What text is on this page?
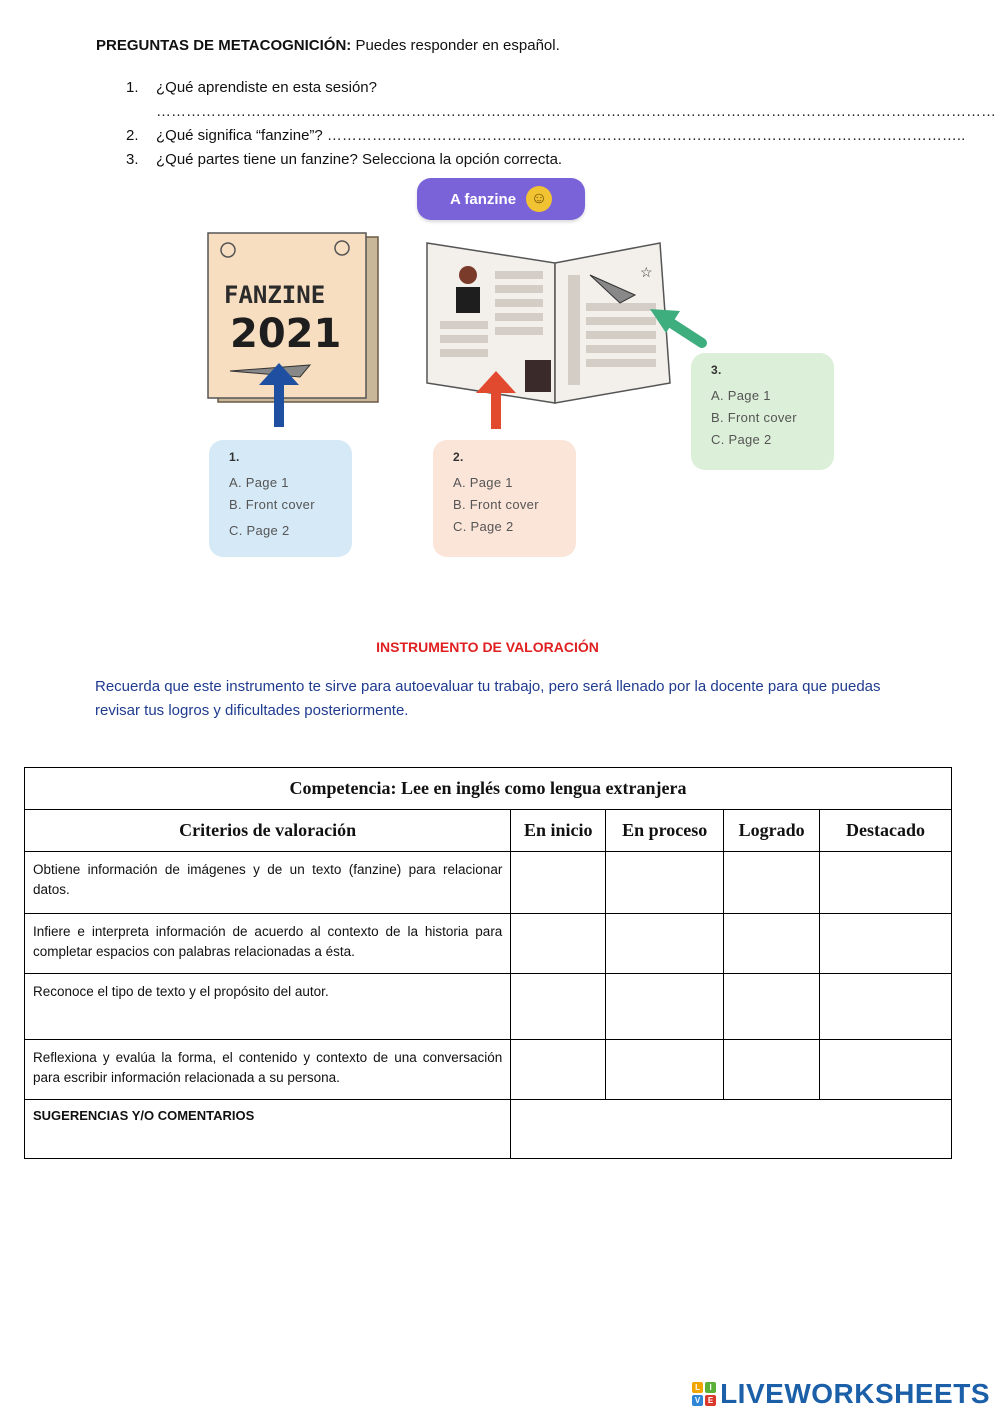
PREGUNTAS DE METACOGNICIÓN: Puedes responder en español.
1. ¿Qué aprendiste en esta sesión?
……………………………………………………………………………………………………………………………………………………
2. ¿Qué significa “fanzine”? ………………………………………………………………………………………………………………..
3. ¿Qué partes tiene un fanzine? Selecciona la opción correcta.
A fanzine ☺
FANZINE
2021
☆
1.
A. Page 1
B. Front cover
C. Page 2
2.
A. Page 1
B. Front cover
C. Page 2
3.
A. Page 1
B. Front cover
C. Page 2
INSTRUMENTO DE VALORACIÓN
Recuerda que este instrumento te sirve para autoevaluar tu trabajo, pero será llenado por la docente para que puedas revisar tus logros y dificultades posteriormente.
Competencia: Lee en inglés como lengua extranjera				
Criterios de valoración	En inicio	En proceso	Logrado	Destacado
Obtiene información de imágenes y de un texto (fanzine) para relacionar datos.				
Infiere e interpreta información de acuerdo al contexto de la historia para completar espacios con palabras relacionadas a ésta.				
Reconoce el tipo de texto y el propósito del autor.				
Reflexiona y evalúa la forma, el contenido y contexto de una conversación para escribir información relacionada a su persona.				
SUGERENCIAS Y/O COMENTARIOS				
L	I
V E LIVEWORKSHEETS
